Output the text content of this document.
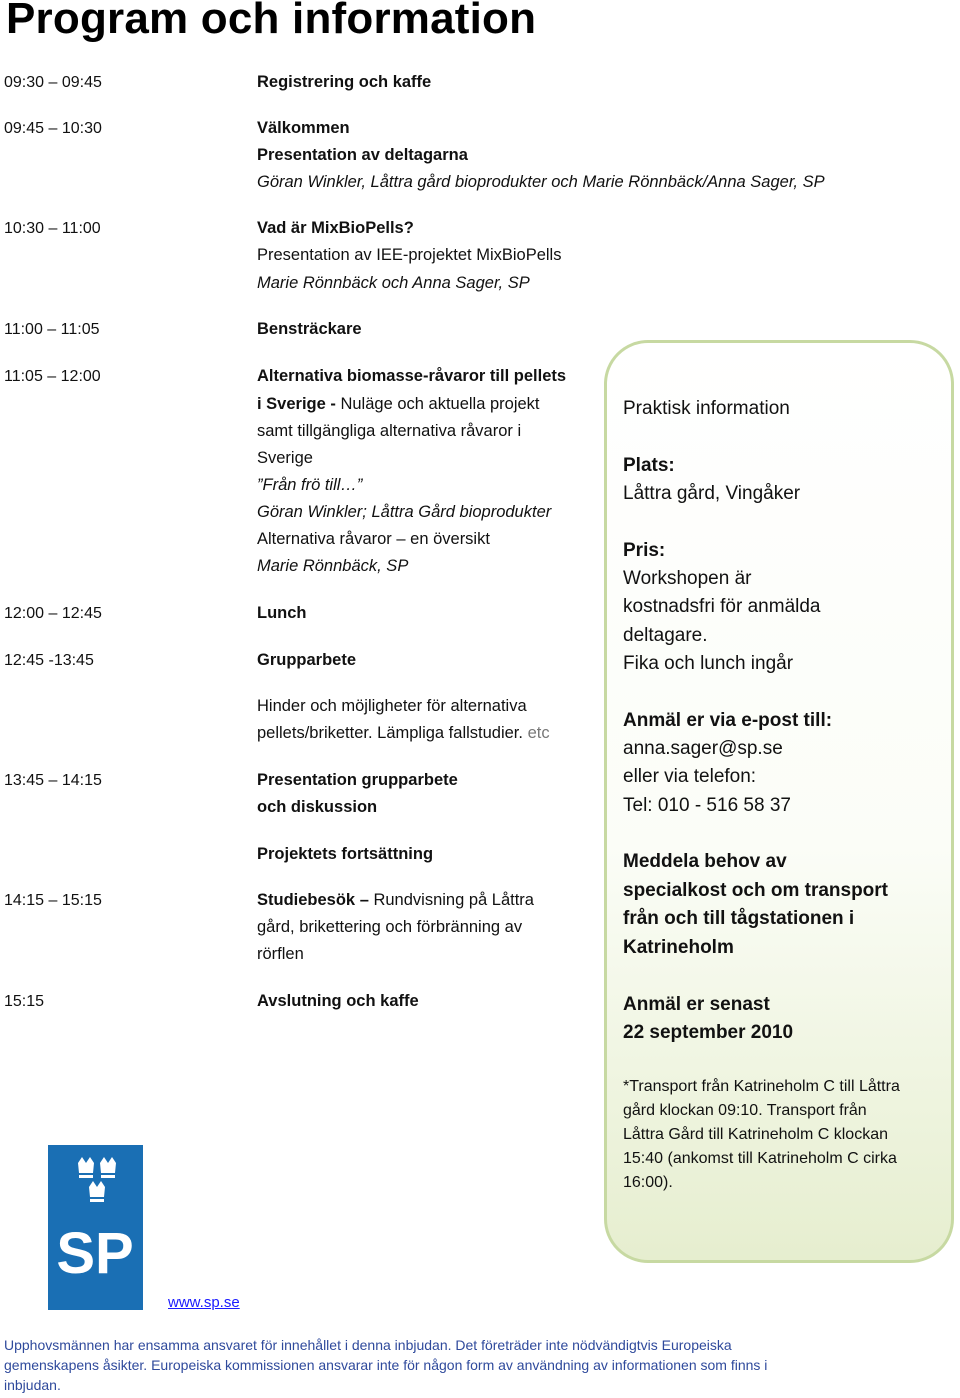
Program och information
09:30 – 09:45	Registrering och kaffe
09:45 – 10:30	Välkommen
Presentation av deltagarna
Göran Winkler, Låttra gård bioprodukter och Marie Rönnbäck/Anna Sager, SP
10:30 – 11:00	Vad är MixBioPells?
Presentation av IEE-projektet MixBioPells
Marie Rönnbäck och Anna Sager, SP
11:00 – 11:05	Bensträckare
11:05 – 12:00	Alternativa biomasse-råvaror till pellets
i Sverige - Nuläge och aktuella projekt
samt tillgängliga alternativa råvaror i
Sverige
”Från frö till…”
Göran Winkler; Låttra Gård bioprodukter
Alternativa råvaror – en översikt
Marie Rönnbäck, SP
12:00 – 12:45	Lunch
12:45 -13:45	Grupparbete
Hinder och möjligheter för alternativa
pellets/briketter. Lämpliga fallstudier. etc
13:45 – 14:15	Presentation grupparbete
och diskussion
Projektets fortsättning
14:15 – 15:15	Studiebesök – Rundvisning på Låttra
gård, brikettering och förbränning av
rörflen
15:15	Avslutning och kaffe
Praktisk information
Plats:
Låttra gård, Vingåker
Pris:
Workshopen är
kostnadsfri för anmälda
deltagare.
Fika och lunch ingår
Anmäl er via e-post till:
anna.sager@sp.se
eller via telefon:
Tel: 010 - 516 58 37
Meddela behov av
specialkost och om transport
från och till tågstationen i
Katrineholm
Anmäl er senast
22 september 2010
*Transport från Katrineholm C till Låttra
gård klockan 09:10. Transport från
Låttra Gård till Katrineholm C klockan
15:40 (ankomst till Katrineholm C cirka
16:00).
SP
www.sp.se
Upphovsmännen har ensamma ansvaret för innehållet i denna inbjudan. Det företräder inte nödvändigtvis Europeiska
gemenskapens åsikter. Europeiska kommissionen ansvarar inte för någon form av användning av informationen som finns i
inbjudan.
